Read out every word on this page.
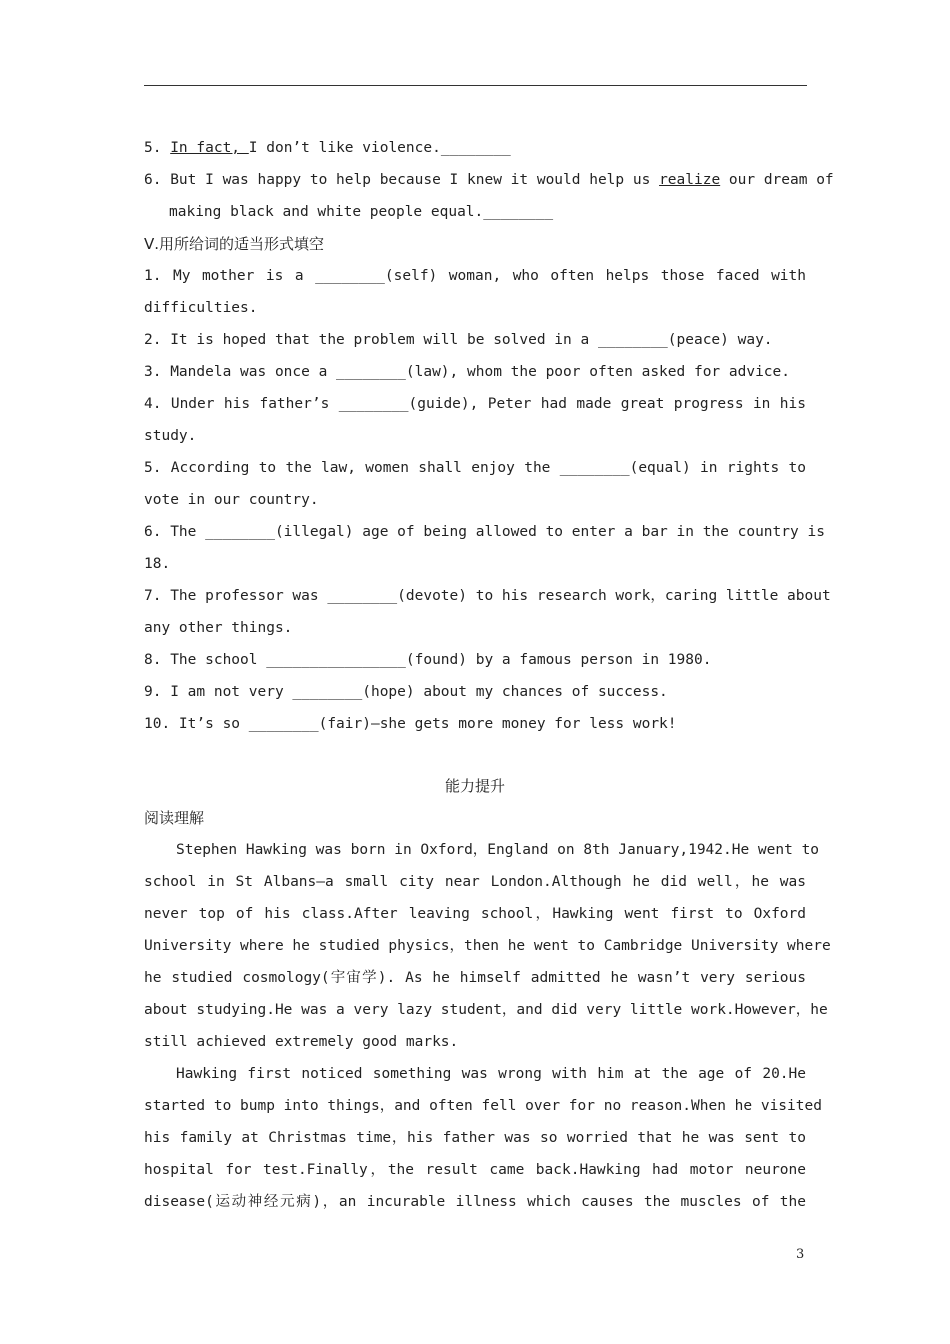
5. In fact, I don’t like violence.________
6. But I was happy to help because I knew it would help us realize our dream of
making black and white people equal.________
Ⅴ.用所给词的适当形式填空
1. My mother is a ________(self) woman, who often helps those faced with
difficulties.
2. It is hoped that the problem will be solved in a ________(peace) way.
3. Mandela was once a ________(law), whom the poor often asked for advice.
4. Under his father’s ________(guide), Peter had made great progress in his
study.
5. According to the law, women shall enjoy the ________(equal) in rights to
vote in our country.
6. The ________(illegal) age of being allowed to enter a bar in the country is
18.
7. The professor was ________(devote) to his research work，caring little about
any other things.
8. The school ________________(found) by a famous person in 1980.
9. I am not very ________(hope) about my chances of success.
10. It’s so ________(fair)—she gets more money for less work!
能力提升
阅读理解
Stephen Hawking was born in Oxford，England on 8th January,1942.He went to
school in St Albans—a small city near London.Although he did well，he was
never top of his class.After leaving school，Hawking went first to Oxford
University where he studied physics，then he went to Cambridge University where
he studied cosmology(宇宙学). As he himself admitted he wasn’t very serious
about studying.He was a very lazy student，and did very little work.However，he
still achieved extremely good marks.
Hawking first noticed something was wrong with him at the age of 20.He
started to bump into things，and often fell over for no reason.When he visited
his family at Christmas time，his father was so worried that he was sent to
hospital for test.Finally，the result came back.Hawking had motor neurone
disease(运动神经元病)，an incurable illness which causes the muscles of the
3
